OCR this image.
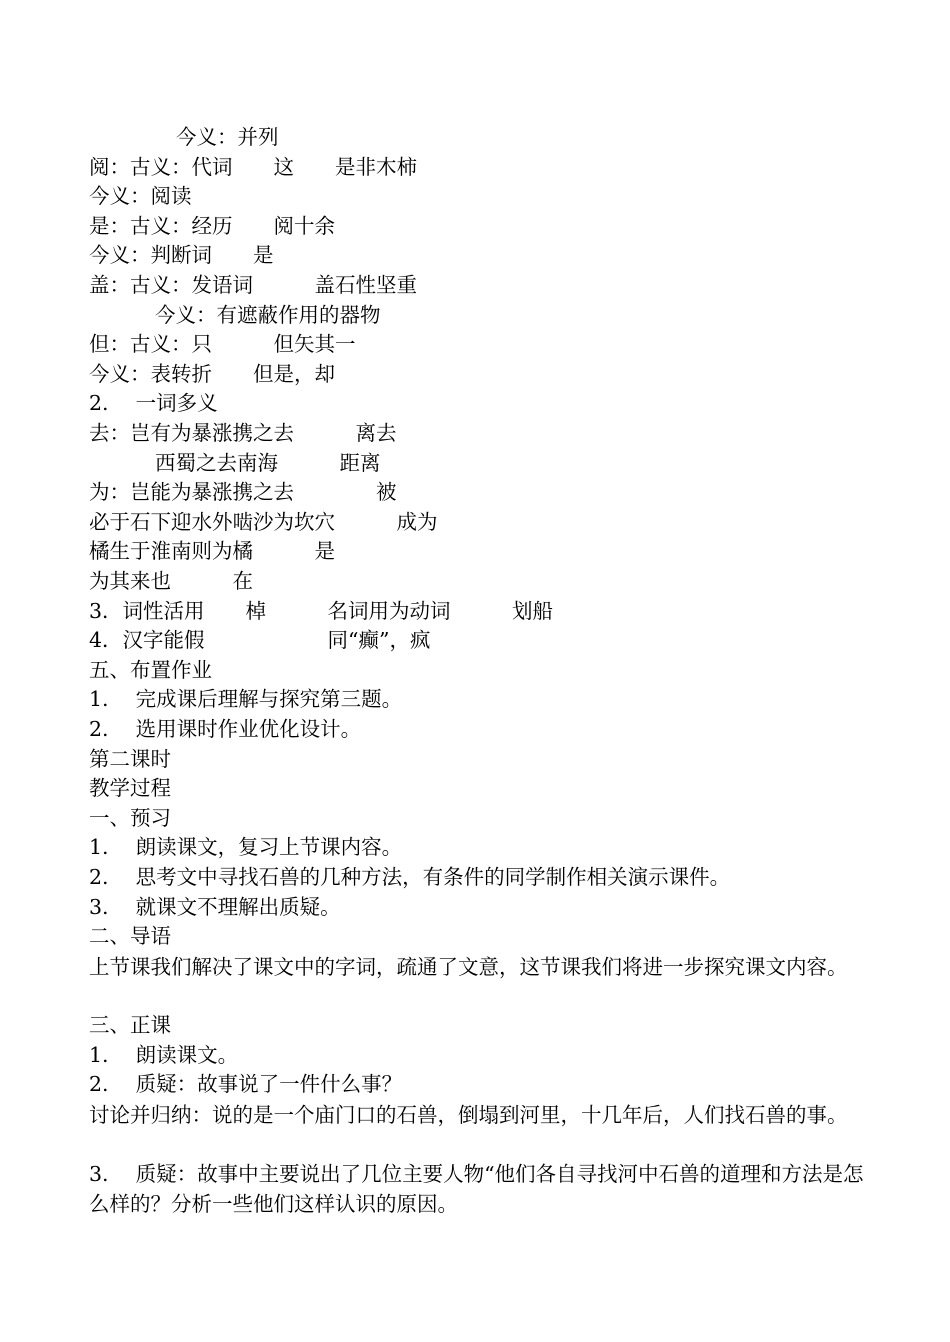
今义：并列
阅：古义：代词　　这　　是非木柿
今义：阅读
是：古义：经历　　阅十余
今义：判断词　　是
盖：古义：发语词　　　盖石性坚重
今义：有遮蔽作用的器物
但：古义：只　　　但矢其一
今义：表转折　　但是，却
2.　 一词多义
去：岂有为暴涨携之去　　　离去
西蜀之去南海　　　距离
为：岂能为暴涨携之去　　　　被
必于石下迎水外啮沙为坎穴　　　成为
橘生于淮南则为橘　　　是
为其来也　　　在
3．词性活用　　棹　　　名词用为动词　　　划船
4．汉字能假　　　　　　同“癫”，疯
五、布置作业
1.　 完成课后理解与探究第三题。
2.　 选用课时作业优化设计。
第二课时
教学过程
一、预习
1.　 朗读课文，复习上节课内容。
2.　 思考文中寻找石兽的几种方法，有条件的同学制作相关演示课件。
3.　 就课文不理解出质疑。
二、导语
上节课我们解决了课文中的字词，疏通了文意，这节课我们将进一步探究课文内容。
三、正课
1.　 朗读课文。
2.　 质疑：故事说了一件什么事？
讨论并归纳：说的是一个庙门口的石兽，倒塌到河里，十几年后，人们找石兽的事。
3.　 质疑：故事中主要说出了几位主要人物“他们各自寻找河中石兽的道理和方法是怎么样的？分析一些他们这样认识的原因。
